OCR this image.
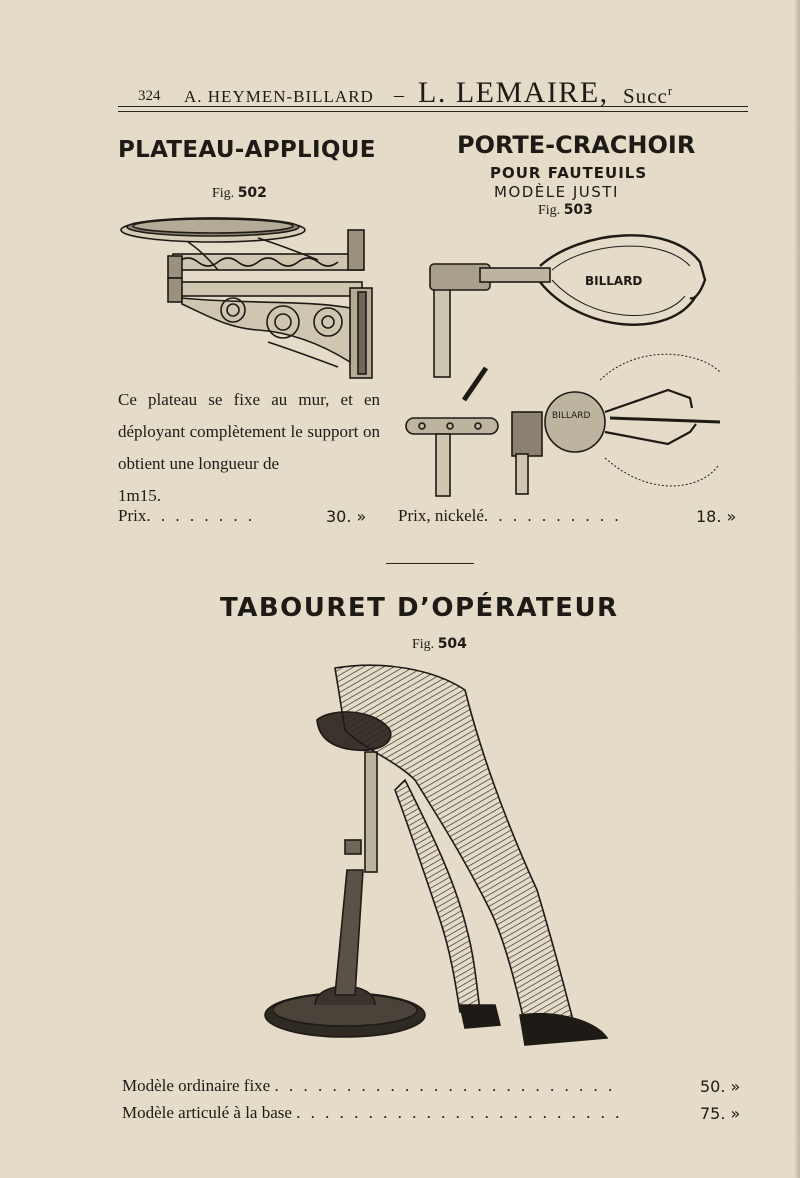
324 A. HEYMEN-BILLARD – L. LEMAIRE, Succ$^r$
PLATEAU-APPLIQUE
Fig. 502
Ce plateau se fixe au mur, et en déployant complètement le support on obtient une longueur de
1m15.
Prix. . . . . . . .	30. »
PORTE-CRACHOIR
POUR FAUTEUILS
MODÈLE JUSTI
Fig. 503
BILLARD
BILLARD
Prix, nickelé. . . . . . . . . .	18. »
TABOURET D’OPÉRATEUR
Fig. 504
Modèle ordinaire fixe . . . . . . . . . . . . . . . . . . . . . . . .	50. »
Modèle articulé à la base . . . . . . . . . . . . . . . . . . . . . . .	75. »
